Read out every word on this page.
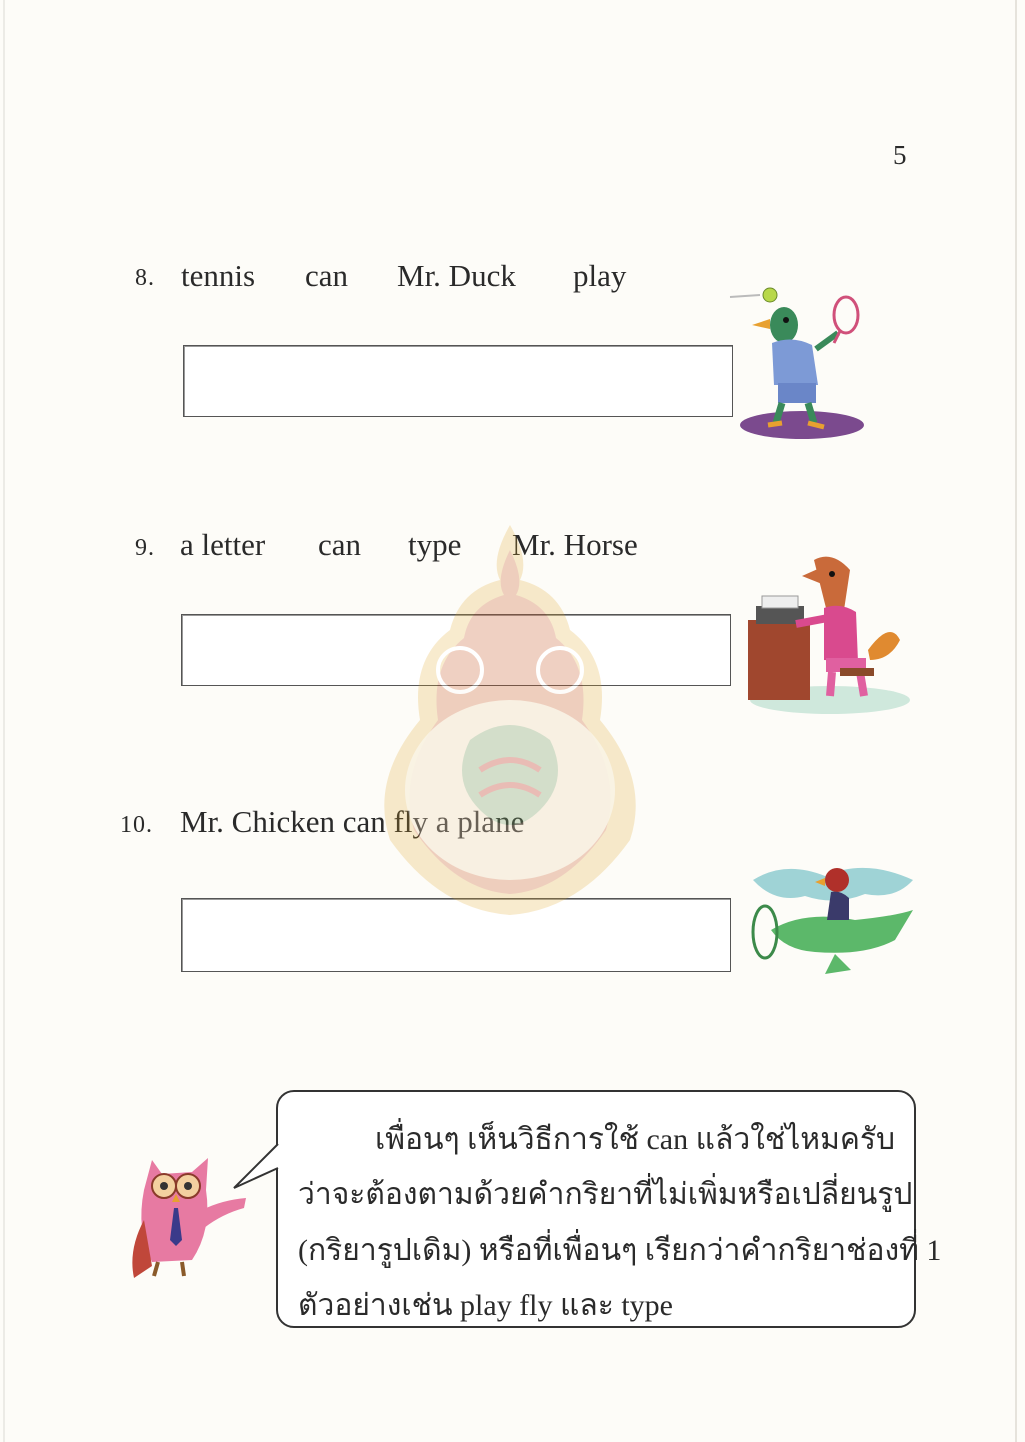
5
8. tennis can Mr. Duck play
9. a letter can type Mr. Horse
10. Mr. Chicken can fly a plane
เพื่อนๆ เห็นวิธีการใช้ can แล้วใช่ไหมครับ
ว่าจะต้องตามด้วยคำกริยาที่ไม่เพิ่มหรือเปลี่ยนรูป
(กริยารูปเดิม) หรือที่เพื่อนๆ เรียกว่าคำกริยาช่องที่ 1
ตัวอย่างเช่น play fly และ type
